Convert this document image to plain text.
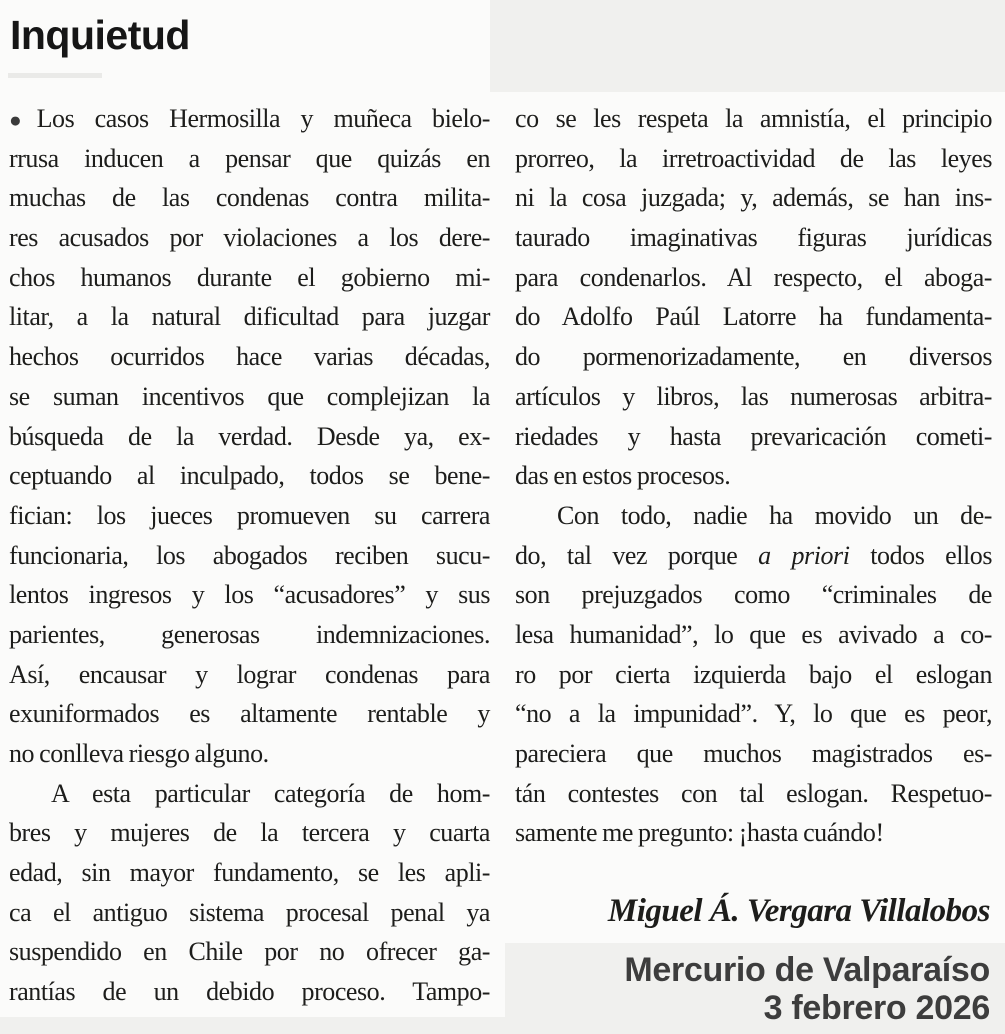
Inquietud
●Los casos Hermosilla y muñeca bielo-
rrusa inducen a pensar que quizás en
muchas de las condenas contra milita-
res acusados por violaciones a los dere-
chos humanos durante el gobierno mi-
litar, a la natural dificultad para juzgar
hechos ocurridos hace varias décadas,
se suman incentivos que complejizan la
búsqueda de la verdad. Desde ya, ex-
ceptuando al inculpado, todos se bene-
fician: los jueces promueven su carrera
funcionaria, los abogados reciben sucu-
lentos ingresos y los “acusadores” y sus
parientes, generosas indemnizaciones.
Así, encausar y lograr condenas para
exuniformados es altamente rentable y
no conlleva riesgo alguno.
A esta particular categoría de hom-
bres y mujeres de la tercera y cuarta
edad, sin mayor fundamento, se les apli-
ca el antiguo sistema procesal penal ya
suspendido en Chile por no ofrecer ga-
rantías de un debido proceso. Tampo-
co se les respeta la amnistía, el principio
prorreo, la irretroactividad de las leyes
ni la cosa juzgada; y, además, se han ins-
taurado imaginativas figuras jurídicas
para condenarlos. Al respecto, el aboga-
do Adolfo Paúl Latorre ha fundamenta-
do pormenorizadamente, en diversos
artículos y libros, las numerosas arbitra-
riedades y hasta prevaricación cometi-
das en estos procesos.
Con todo, nadie ha movido un de-
do, tal vez porque a priori todos ellos
son prejuzgados como “criminales de
lesa humanidad”, lo que es avivado a co-
ro por cierta izquierda bajo el eslogan
“no a la impunidad”. Y, lo que es peor,
pareciera que muchos magistrados es-
tán contestes con tal eslogan. Respetuo-
samente me pregunto: ¡hasta cuándo!
Miguel Á. Vergara Villalobos
Mercurio de Valparaíso
3 febrero 2026
